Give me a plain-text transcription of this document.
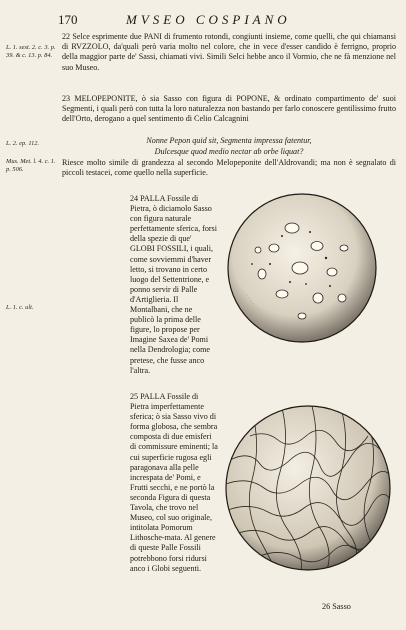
170	MVSEO COSPIANO
L. 1. sest. 2. c. 3. p. 39. & c. 13. p. 84.
L. 2. ep. 112.
Mus. Met. l. 4. c. 1. p. 506.
L. 1. c. ult.

22 Selce esprimente due PANI di frumento rotondi, congiunti insieme, come quelli, che qui chiamansi di RVZZOLO, da'quali però varia molto nel colore, che in vece d'esser candido è ferrigno, proprio della maggior parte de' Sassi, chiamati vivi. Simili Selci hebbe anco il Vormio, che ne fà menzione nel suo Museo.

23 MELOPEPONITE, ò sia Sasso con figura di POPONE, & ordinato compartimento de' suoi Segmenti, i quali però con tutta la loro naturalezza non bastando per farlo conoscere gentilissimo frutto dell'Orto, derogano a quel sentimento di Celio Calcagnini

Nonne Pepon quid sit, Segmenta impressa fatentur,

Dulcesque quod medio nectar ab orbe liquat?

Riesce molto simile di grandezza al secondo Melopeponite dell'Aldrovandi; ma non è segnalato di piccoli testacei, come quello nella superficie.

24 PALLA Fossile di Pietra, ò diciamolo Sasso con figura naturale perfettamente sferica, forsi della spezie di que' GLOBI FOSSILI, i quali, come sovviemmi d'haver letto, si trovano in certo luogo del Settentrione, e ponno servir di Palle d'Artiglieria. Il Montalbani, che ne publicò la prima delle figure, lo propose per Imagine Saxea de' Pomi nella Dendrologia; come pretese, che fusse anco l'altra.

25 PALLA Fossile di Pietra imperfettamente sferica; ò sia Sasso vivo di forma globosa, che sembra composta di due emisferi di commissure eminenti; la cui superficie rugosa egli paragonava alla pelle increspata de' Pomi, e Frutti secchi, e ne portò la seconda Figura di questa Tavola, che trovo nel Museo, col suo originale, intitolata Pomorum Lithosche-mata. Al genere di queste Palle Fossili potrebbono forsi ridursi anco i Globi seguenti.

26 Sasso
